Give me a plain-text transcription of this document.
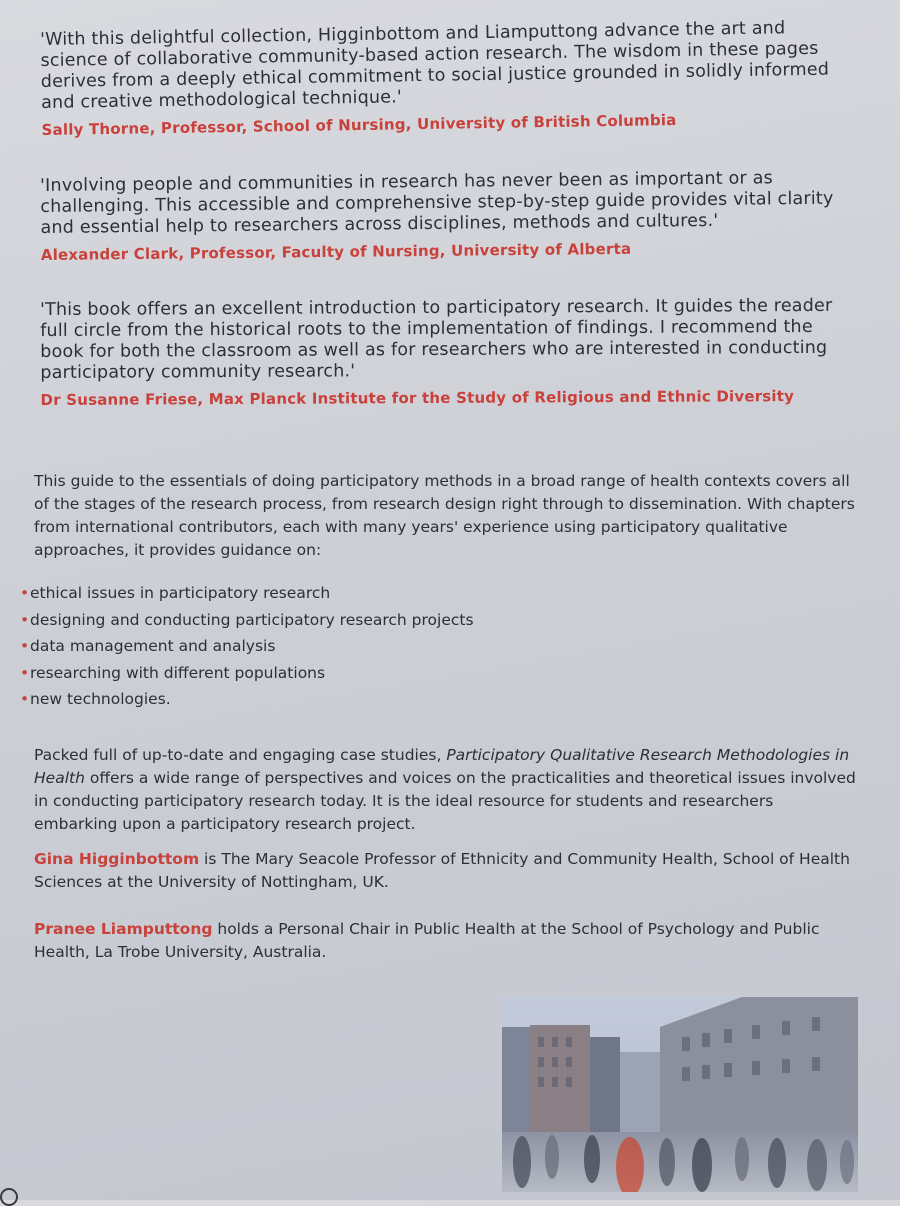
'With this delightful collection, Higginbottom and Liamputtong advance the art and science of collaborative community-based action research. The wisdom in these pages derives from a deeply ethical commitment to social justice grounded in solidly informed and creative methodological technique.'

Sally Thorne, Professor, School of Nursing, University of British Columbia

'Involving people and communities in research has never been as important or as challenging. This accessible and comprehensive step-by-step guide provides vital clarity and essential help to researchers across disciplines, methods and cultures.'

Alexander Clark, Professor, Faculty of Nursing, University of Alberta

'This book offers an excellent introduction to participatory research. It guides the reader full circle from the historical roots to the implementation of findings. I recommend the book for both the classroom as well as for researchers who are interested in conducting participatory community research.'

Dr Susanne Friese, Max Planck Institute for the Study of Religious and Ethnic Diversity
This guide to the essentials of doing participatory methods in a broad range of health contexts covers all of the stages of the research process, from research design right through to dissemination. With chapters from international contributors, each with many years' experience using participatory qualitative approaches, it provides guidance on:
• ethical issues in participatory research
• designing and conducting participatory research projects
• data management and analysis
• researching with different populations
• new technologies.
Packed full of up-to-date and engaging case studies, Participatory Qualitative Research Methodologies in Health offers a wide range of perspectives and voices on the practicalities and theoretical issues involved in conducting participatory research today. It is the ideal resource for students and researchers embarking upon a participatory research project.
Gina Higginbottom is The Mary Seacole Professor of Ethnicity and Community Health, School of Health Sciences at the University of Nottingham, UK.
Pranee Liamputtong holds a Personal Chair in Public Health at the School of Psychology and Public Health, La Trobe University, Australia.
